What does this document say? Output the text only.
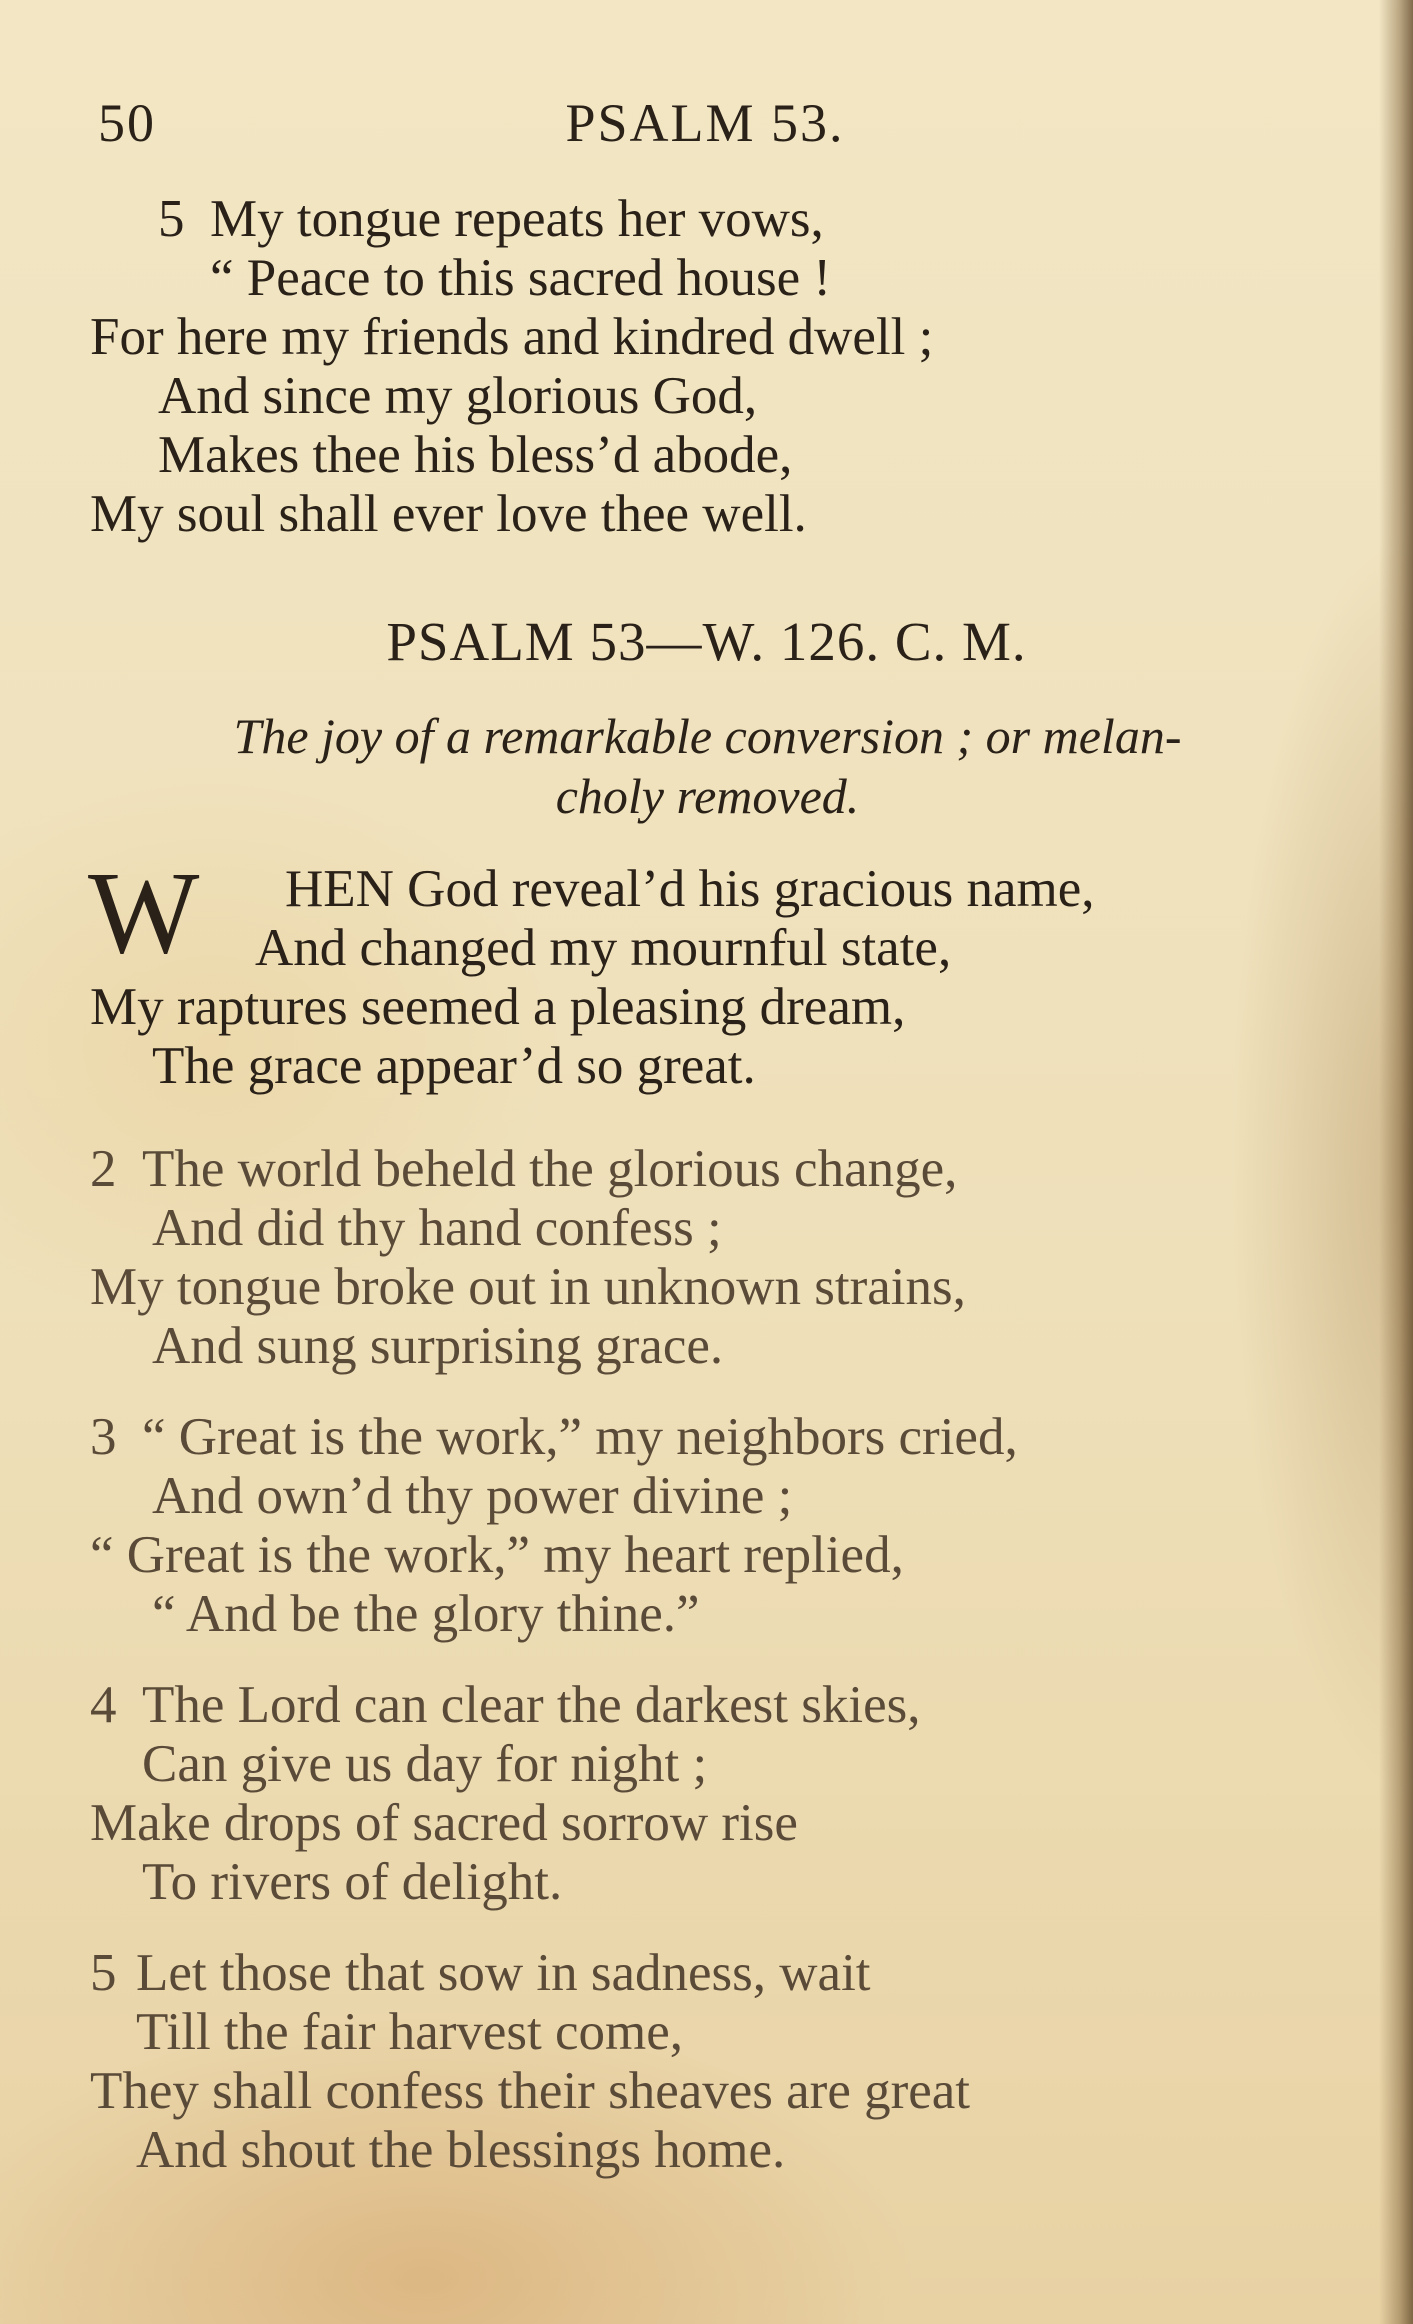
50	PSALM 53.
5 My tongue repeats her vows,
“ Peace to this sacred house !
For here my friends and kindred dwell ;
And since my glorious God,
Makes thee his bless’d abode,
My soul shall ever love thee well.
PSALM 53—W. 126. C. M.
The joy of a remarkable conversion ; or melan-
choly removed.
W	HEN God reveal’d his gracious name,
And changed my mournful state,
My raptures seemed a pleasing dream,
The grace appear’d so great.
2 The world beheld the glorious change,
And did thy hand confess ;
My tongue broke out in unknown strains,
And sung surprising grace.
3 “ Great is the work,” my neighbors cried,
And own’d thy power divine ;
“ Great is the work,” my heart replied,
“ And be the glory thine.”
4 The Lord can clear the darkest skies,
Can give us day for night ;
Make drops of sacred sorrow rise
To rivers of delight.
5 Let those that sow in sadness, wait
Till the fair harvest come,
They shall confess their sheaves are great
And shout the blessings home.
